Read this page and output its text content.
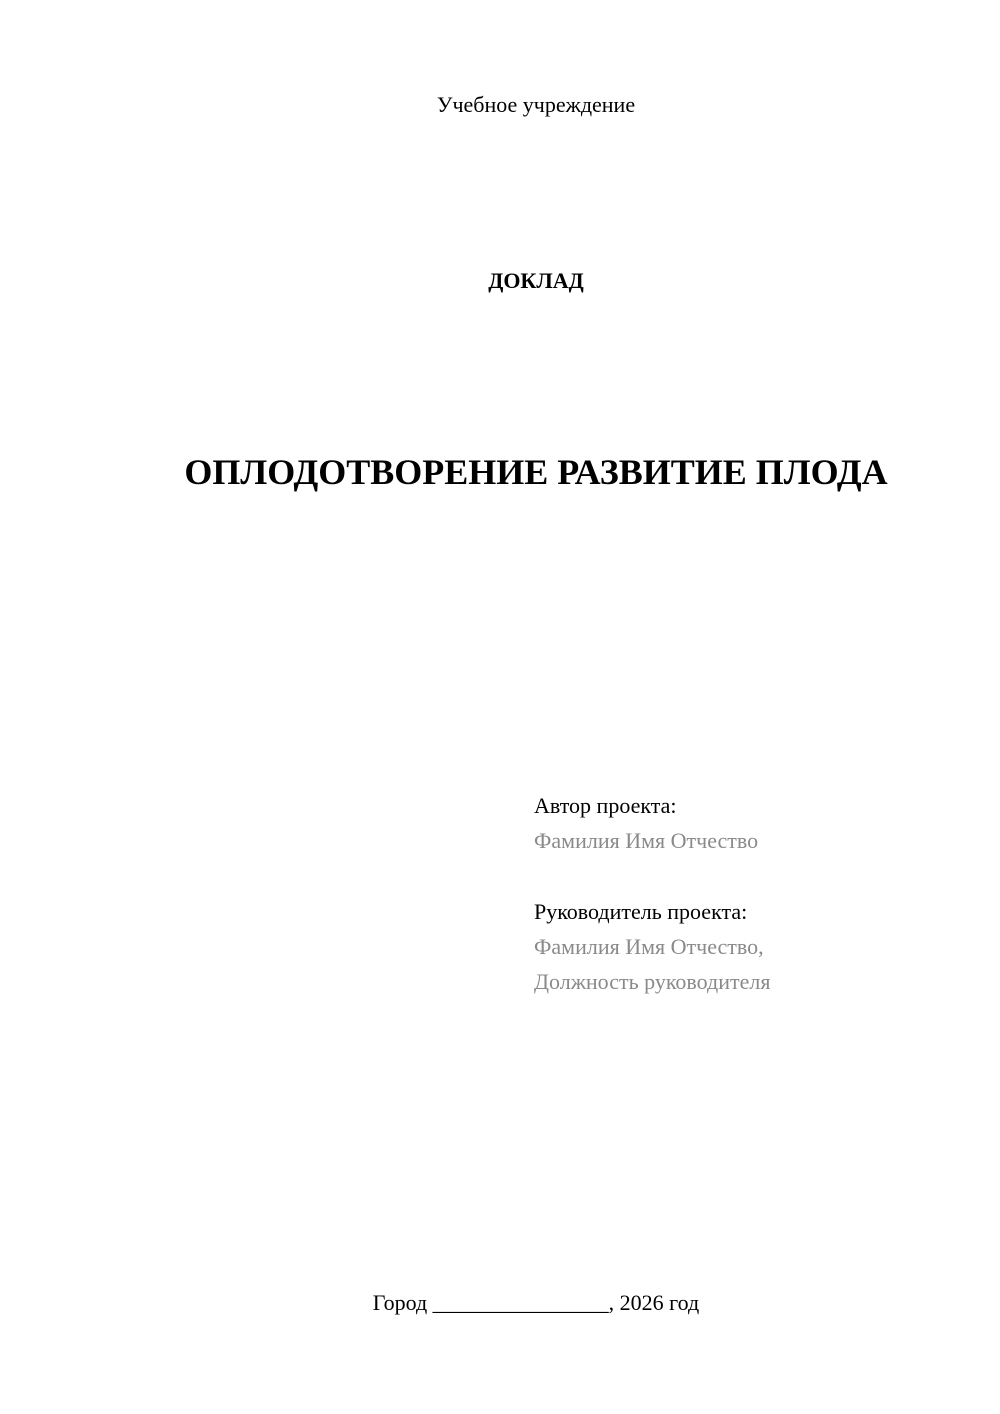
Учебное учреждение
ДОКЛАД
ОПЛОДОТВОРЕНИЕ РАЗВИТИЕ ПЛОДА
Автор проекта:
Фамилия Имя Отчество
Руководитель проекта:
Фамилия Имя Отчество,
Должность руководителя
Город ________________, 2026 год
